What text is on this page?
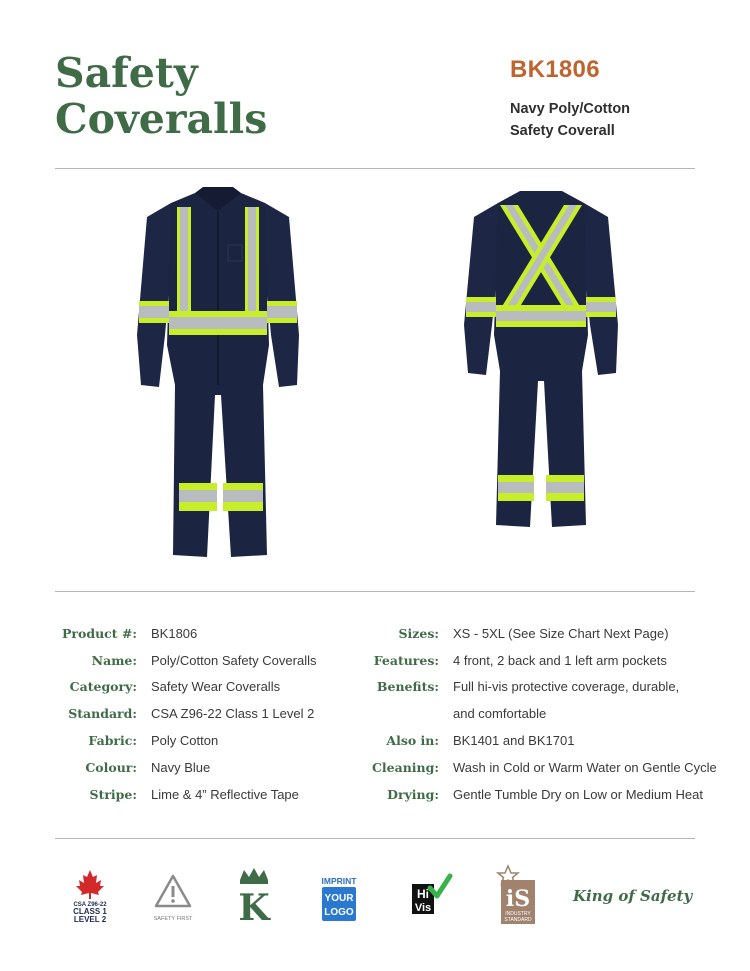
Safety
Coveralls
BK1806
Navy Poly/Cotton
Safety Coverall
Product #: BK1806
Name: Poly/Cotton Safety Coveralls
Category: Safety Wear Coveralls
Standard: CSA Z96-22 Class 1 Level 2
Fabric: Poly Cotton
Colour: Navy Blue
Stripe: Lime & 4” Reflective Tape
Sizes: XS - 5XL (See Size Chart Next Page)
Features: 4 front, 2 back and 1 left arm pockets
Benefits: Full hi-vis protective coverage, durable,
and comfortable
Also in: BK1401 and BK1701
Cleaning: Wash in Cold or Warm Water on Gentle Cycle
Drying: Gentle Tumble Dry on Low or Medium Heat
CSA Z96-22
CLASS 1
LEVEL 2	SAFETY FIRST K
IMPRINT
YOUR
LOGO
Hi
Vis	iS
INDUSTRY
STANDARD
King of Safety
